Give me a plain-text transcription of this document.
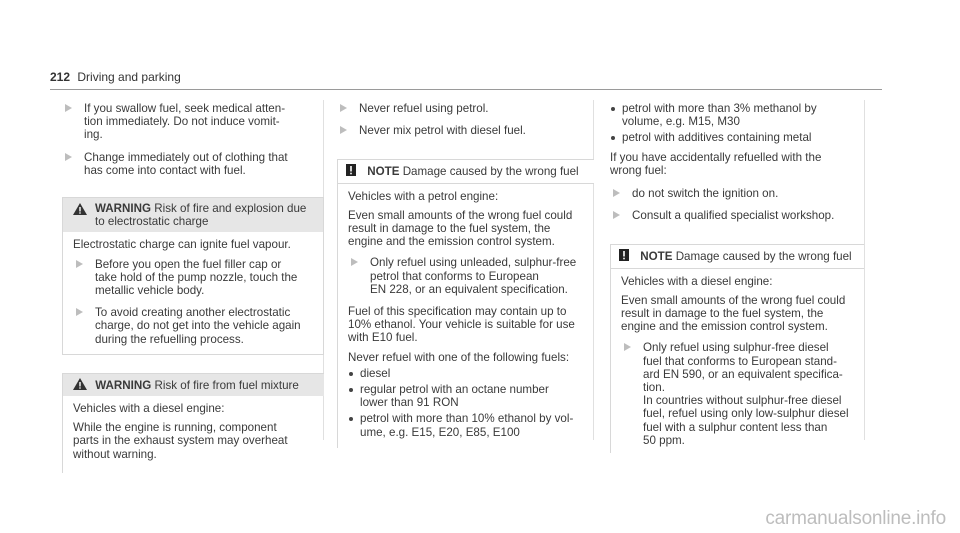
212 Driving and parking
If you swallow fuel, seek medical atten-
tion immediately. Do not induce vomit-
ing.
Change immediately out of clothing that
has come into contact with fuel.
WARNING Risk of fire and explosion due
to electrostatic charge
Electrostatic charge can ignite fuel vapour.
Before you open the fuel filler cap or
take hold of the pump nozzle, touch the
metallic vehicle body.
To avoid creating another electrostatic
charge, do not get into the vehicle again
during the refuelling process.
WARNING Risk of fire from fuel mixture
Vehicles with a diesel engine:
While the engine is running, component
parts in the exhaust system may overheat
without warning.
Never refuel using petrol.
Never mix petrol with diesel fuel.
NOTE Damage caused by the wrong fuel
Vehicles with a petrol engine:
Even small amounts of the wrong fuel could
result in damage to the fuel system, the
engine and the emission control system.
Only refuel using unleaded, sulphur-free
petrol that conforms to European
EN 228, or an equivalent specification.
Fuel of this specification may contain up to
10% ethanol. Your vehicle is suitable for use
with E10 fuel.
Never refuel with one of the following fuels:
diesel
regular petrol with an octane number
lower than 91 RON
petrol with more than 10% ethanol by vol-
ume, e.g. E15, E20, E85, E100
petrol with more than 3% methanol by
volume, e.g. M15, M30
petrol with additives containing metal
If you have accidentally refuelled with the
wrong fuel:
do not switch the ignition on.
Consult a qualified specialist workshop.
NOTE Damage caused by the wrong fuel
Vehicles with a diesel engine:
Even small amounts of the wrong fuel could
result in damage to the fuel system, the
engine and the emission control system.
Only refuel using sulphur-free diesel
fuel that conforms to European stand-
ard EN 590, or an equivalent specifica-
tion.
In countries without sulphur-free diesel
fuel, refuel using only low-sulphur diesel
fuel with a sulphur content less than
50 ppm.
carmanualsonline.info
